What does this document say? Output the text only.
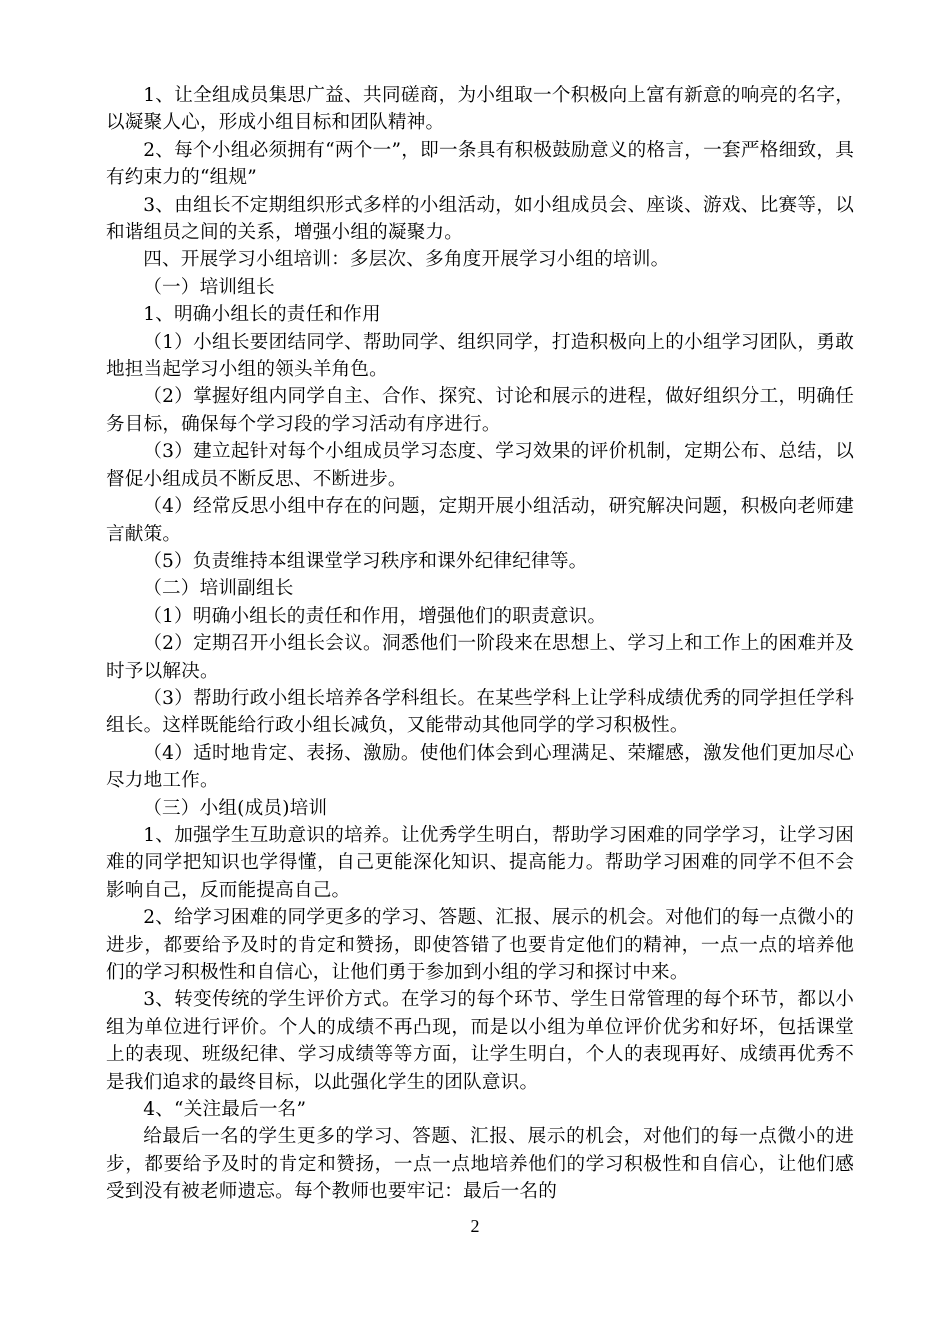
1、让全组成员集思广益、共同磋商，为小组取一个积极向上富有新意的响亮的名字，以凝聚人心，形成小组目标和团队精神。

2、每个小组必须拥有“两个一”，即一条具有积极鼓励意义的格言，一套严格细致，具有约束力的“组规”

3、由组长不定期组织形式多样的小组活动，如小组成员会、座谈、游戏、比赛等，以和谐组员之间的关系，增强小组的凝聚力。

四、开展学习小组培训：多层次、多角度开展学习小组的培训。

（一）培训组长

1、明确小组长的责任和作用

（1）小组长要团结同学、帮助同学、组织同学，打造积极向上的小组学习团队，勇敢地担当起学习小组的领头羊角色。

（2）掌握好组内同学自主、合作、探究、讨论和展示的进程，做好组织分工，明确任务目标，确保每个学习段的学习活动有序进行。

（3）建立起针对每个小组成员学习态度、学习效果的评价机制，定期公布、总结，以督促小组成员不断反思、不断进步。

（4）经常反思小组中存在的问题，定期开展小组活动，研究解决问题，积极向老师建言献策。

（5）负责维持本组课堂学习秩序和课外纪律纪律等。

（二）培训副组长

（1）明确小组长的责任和作用，增强他们的职责意识。

（2）定期召开小组长会议。洞悉他们一阶段来在思想上、学习上和工作上的困难并及时予以解决。

（3）帮助行政小组长培养各学科组长。在某些学科上让学科成绩优秀的同学担任学科组长。这样既能给行政小组长减负，又能带动其他同学的学习积极性。

（4）适时地肯定、表扬、激励。使他们体会到心理满足、荣耀感，激发他们更加尽心尽力地工作。

（三）小组(成员)培训

1、加强学生互助意识的培养。让优秀学生明白，帮助学习困难的同学学习，让学习困难的同学把知识也学得懂，自己更能深化知识、提高能力。帮助学习困难的同学不但不会影响自己，反而能提高自己。

2、给学习困难的同学更多的学习、答题、汇报、展示的机会。对他们的每一点微小的进步，都要给予及时的肯定和赞扬，即使答错了也要肯定他们的精神，一点一点的培养他们的学习积极性和自信心，让他们勇于参加到小组的学习和探讨中来。

3、转变传统的学生评价方式。在学习的每个环节、学生日常管理的每个环节，都以小组为单位进行评价。个人的成绩不再凸现，而是以小组为单位评价优劣和好坏，包括课堂上的表现、班级纪律、学习成绩等等方面，让学生明白，个人的表现再好、成绩再优秀不是我们追求的最终目标，以此强化学生的团队意识。

4、“关注最后一名”

给最后一名的学生更多的学习、答题、汇报、展示的机会，对他们的每一点微小的进步，都要给予及时的肯定和赞扬，一点一点地培养他们的学习积极性和自信心，让他们感受到没有被老师遗忘。每个教师也要牢记：最后一名的

2
